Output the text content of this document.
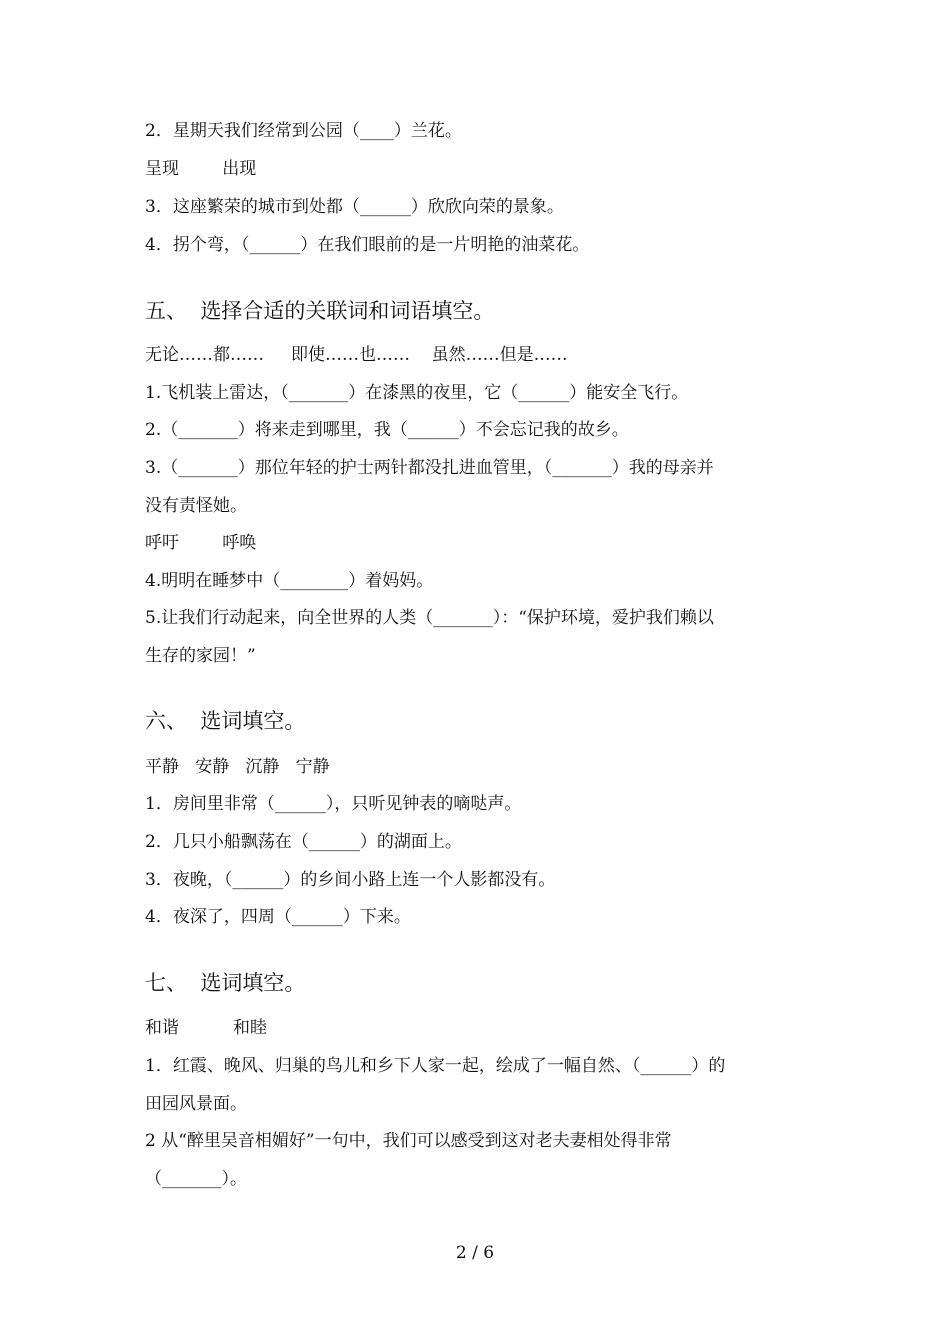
2．星期天我们经常到公园（____）兰花。
呈现        出现
3．这座繁荣的城市到处都（______）欣欣向荣的景象。
4．拐个弯，（______）在我们眼前的是一片明艳的油菜花。
五、  选择合适的关联词和词语填空。
无论……都……     即使……也……    虽然……但是……
1.飞机装上雷达，（_______）在漆黑的夜里，它（______）能安全飞行。
2.（_______）将来走到哪里，我（______）不会忘记我的故乡。
3.（_______）那位年轻的护士两针都没扎进血管里，（_______）我的母亲并
没有责怪她。
呼吁        呼唤
4.明明在睡梦中（________）着妈妈。
5.让我们行动起来，向全世界的人类（_______）：“保护环境，爱护我们赖以
生存的家园！”
六、  选词填空。
平静   安静   沉静   宁静
1．房间里非常（______），只听见钟表的嘀哒声。
2．几只小船飘荡在（______）的湖面上。
3．夜晚，（______）的乡间小路上连一个人影都没有。
4．夜深了，四周（______）下来。
七、  选词填空。
和谐          和睦
1．红霞、晚风、归巢的鸟儿和乡下人家一起，绘成了一幅自然、（______）的
田园风景面。
2 从“醉里吴音相媚好”一句中，我们可以感受到这对老夫妻相处得非常
（_______）。
2 / 6
